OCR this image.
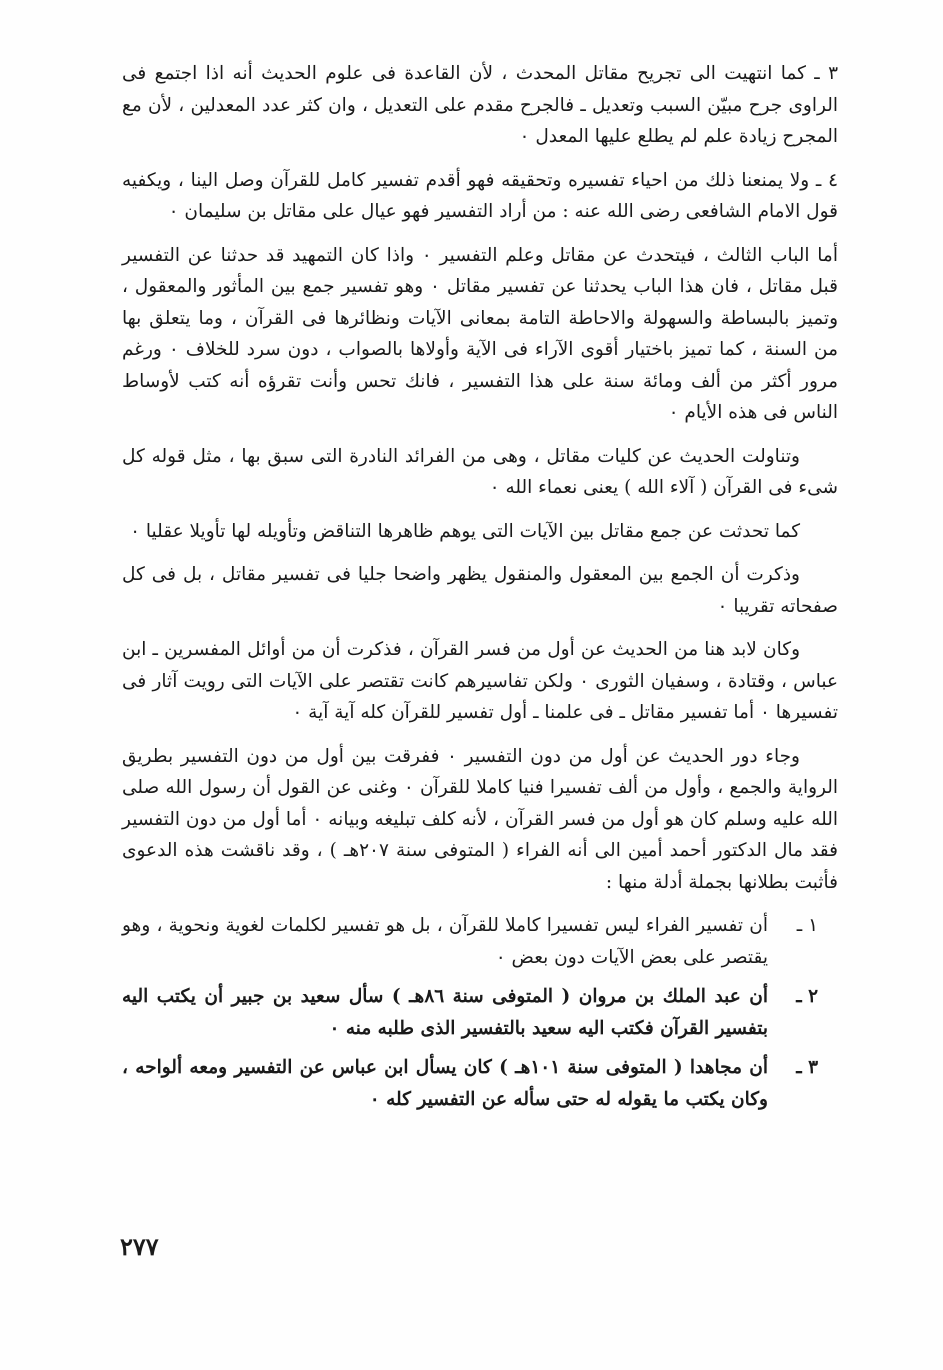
٣ ـ كما انتهيت الى تجريح مقاتل المحدث ، لأن القاعدة فى علوم الحديث أنه اذا اجتمع فى الراوى جرح مبيّن السبب وتعديل ـ فالجرح مقدم على التعديل ، وان كثر عدد المعدلين ، لأن مع المجرح زيادة علم لم يطلع عليها المعدل ٠

٤ ـ ولا يمنعنا ذلك من احياء تفسيره وتحقيقه فهو أقدم تفسير كامل للقرآن وصل الينا ، ويكفيه قول الامام الشافعى رضى الله عنه : من أراد التفسير فهو عيال على مقاتل بن سليمان ٠

أما الباب الثالث ، فيتحدث عن مقاتل وعلم التفسير ٠ واذا كان التمهيد قد حدثنا عن التفسير قبل مقاتل ، فان هذا الباب يحدثنا عن تفسير مقاتل ٠ وهو تفسير جمع بين المأثور والمعقول ، وتميز بالبساطة والسهولة والاحاطة التامة بمعانى الآيات ونظائرها فى القرآن ، وما يتعلق بها من السنة ، كما تميز باختيار أقوى الآراء فى الآية وأولاها بالصواب ، دون سرد للخلاف ٠ ورغم مرور أكثر من ألف ومائة سنة على هذا التفسير ، فانك تحس وأنت تقرؤه أنه كتب لأوساط الناس فى هذه الأيام ٠

وتناولت الحديث عن كليات مقاتل ، وهى من الفرائد النادرة التى سبق بها ، مثل قوله كل شىء فى القرآن ( آلاء الله ) يعنى نعماء الله ٠

كما تحدثت عن جمع مقاتل بين الآيات التى يوهم ظاهرها التناقض وتأويله لها تأويلا عقليا ٠

وذكرت أن الجمع بين المعقول والمنقول يظهر واضحا جليا فى تفسير مقاتل ، بل فى كل صفحاته تقريبا ٠

وكان لابد هنا من الحديث عن أول من فسر القرآن ، فذكرت أن من أوائل المفسرين ـ ابن عباس ، وقتادة ، وسفيان الثورى ٠ ولكن تفاسيرهم كانت تقتصر على الآيات التى رويت آثار فى تفسيرها ٠ أما تفسير مقاتل ـ فى علمنا ـ أول تفسير للقرآن كله آية آية ٠

وجاء دور الحديث عن أول من دون التفسير ٠ ففرقت بين أول من دون التفسير بطريق الرواية والجمع ، وأول من ألف تفسيرا فنيا كاملا للقرآن ٠ وغنى عن القول أن رسول الله صلى الله عليه وسلم كان هو أول من فسر القرآن ، لأنه كلف تبليغه وبيانه ٠ أما أول من دون التفسير فقد مال الدكتور أحمد أمين الى أنه الفراء ( المتوفى سنة ٢٠٧هـ ) ، وقد ناقشت هذه الدعوى فأثبت بطلانها بجملة أدلة منها :

١ ـ
أن تفسير الفراء ليس تفسيرا كاملا للقرآن ، بل هو تفسير لكلمات لغوية ونحوية ، وهو يقتصر على بعض الآيات دون بعض ٠
٢ ـ
أن عبد الملك بن مروان ( المتوفى سنة ٨٦هـ ) سأل سعيد بن جبير أن يكتب اليه بتفسير القرآن فكتب اليه سعيد بالتفسير الذى طلبه منه ٠
٣ ـ
أن مجاهدا ( المتوفى سنة ١٠١هـ ) كان يسأل ابن عباس عن التفسير ومعه ألواحه ، وكان يكتب ما يقوله له حتى سأله عن التفسير كله ٠
٢٧٧
